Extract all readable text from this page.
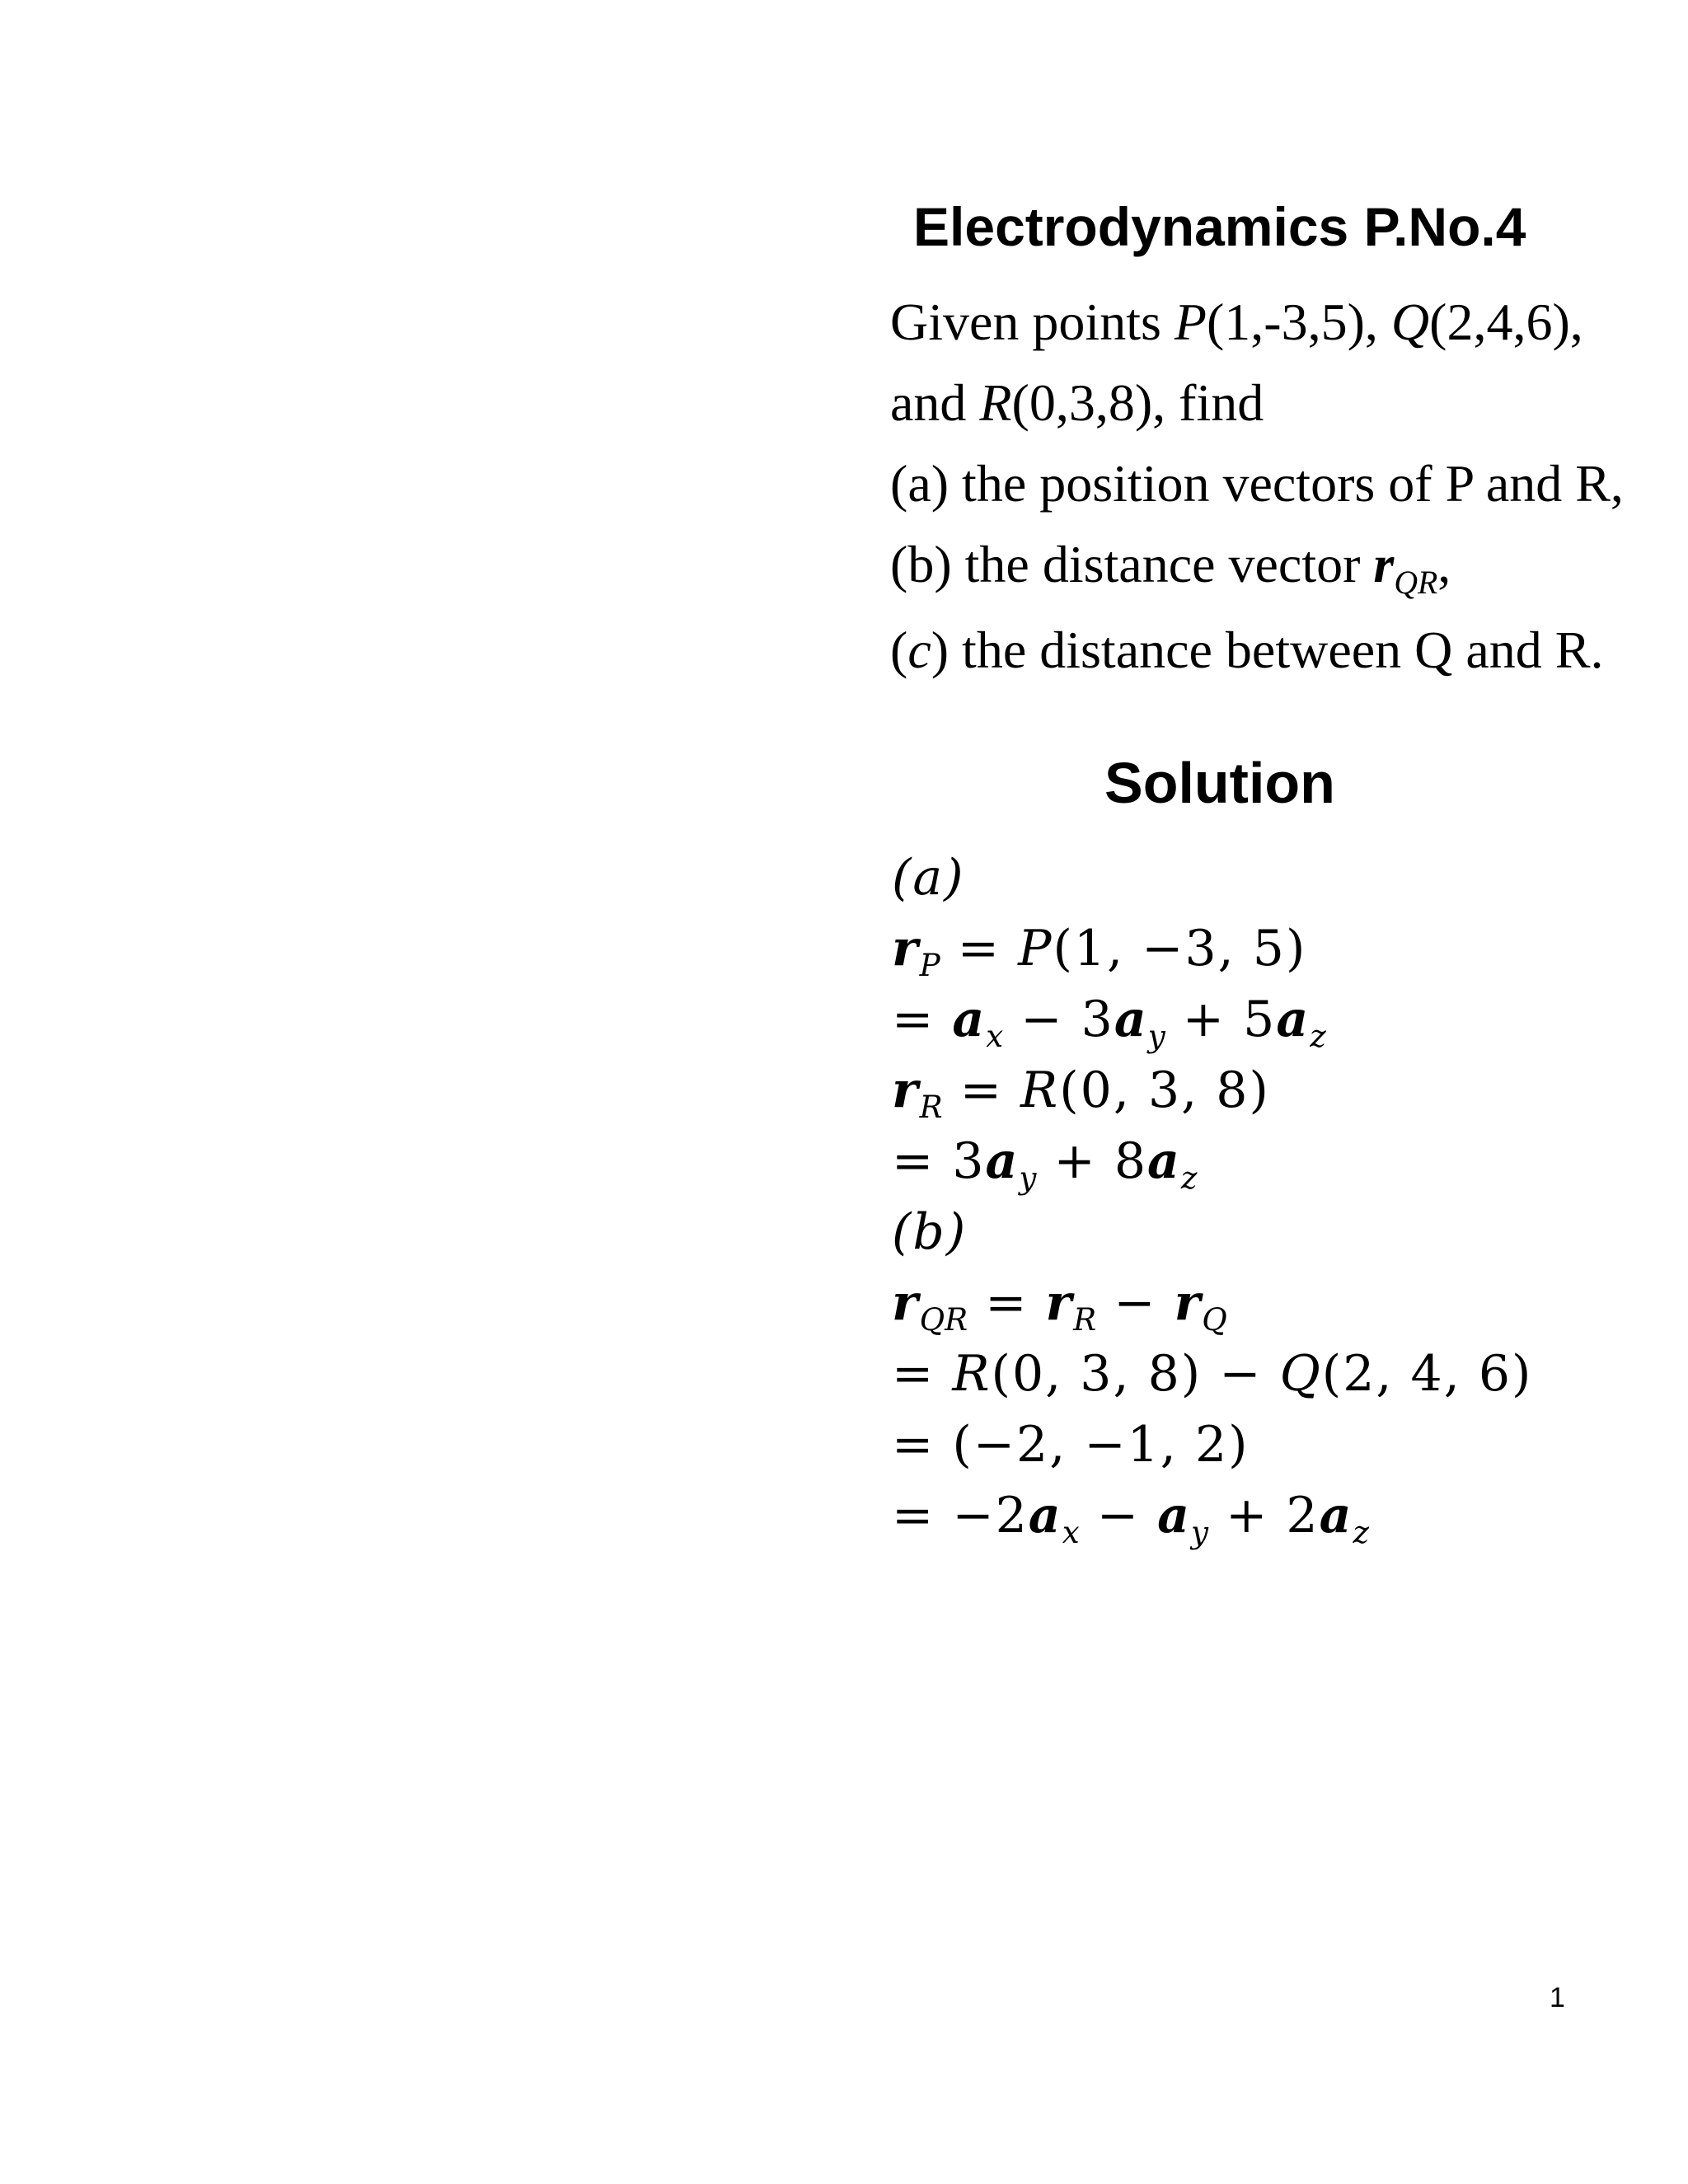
Electrodynamics P.No.4
Given points P(1,-3,5), Q(2,4,6),
and R(0,3,8), find
(a) the position vectors of P and R,
(b) the distance vector $r_{QR}$,
(c) the distance between Q and R.
Solution
(a)
$r_P = P(1$, −3, 5)
= $a_x - 3a_y + 5a_z$
$r_R = R(0$, 3, 8)
= $3a_y + 8a_z$
(b)
$r_{QR} = r_R - r_Q$
= R(0, 3, 8) − Q(2, 4, 6)
= (−2, −1, 2)
= $-2a_x - a_y + 2a_z$
1
